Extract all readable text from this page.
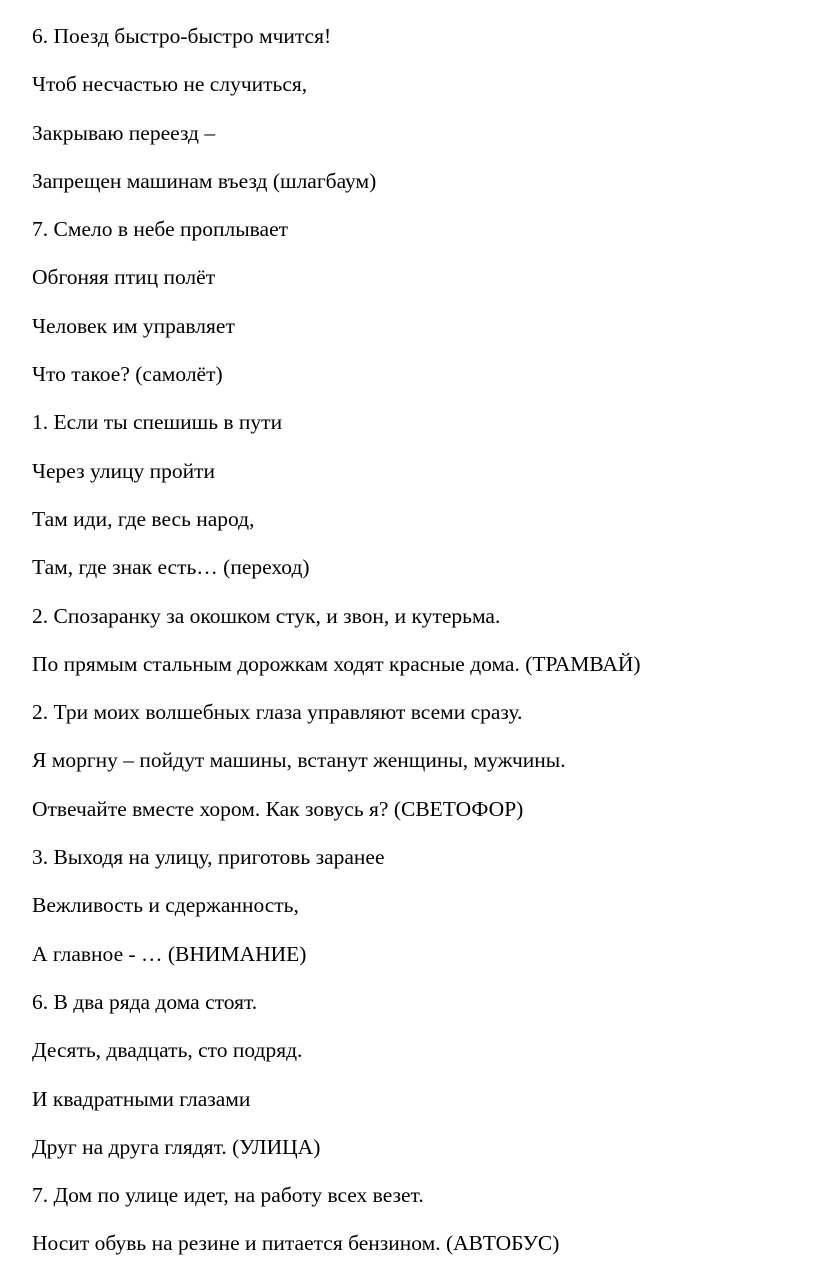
6. Поезд быстро-быстро мчится!
Чтоб несчастью не случиться,
Закрываю переезд –
Запрещен машинам въезд (шлагбаум)
7. Смело в небе проплывает
Обгоняя птиц полёт
Человек им управляет
Что такое? (самолёт)
1. Если ты спешишь в пути
Через улицу пройти
Там иди, где весь народ,
Там, где знак есть… (переход)
2. Спозаранку за окошком стук, и звон, и кутерьма.
По прямым стальным дорожкам ходят красные дома. (ТРАМВАЙ)
2. Три моих волшебных глаза управляют всеми сразу.
Я моргну – пойдут машины, встанут женщины, мужчины.
Отвечайте вместе хором. Как зовусь я? (СВЕТОФОР)
3. Выходя на улицу, приготовь заранее
Вежливость и сдержанность,
А главное - … (ВНИМАНИЕ)
6. В два ряда дома стоят.
Десять, двадцать, сто подряд.
И квадратными глазами
Друг на друга глядят. (УЛИЦА)
7. Дом по улице идет, на работу всех везет.
Носит обувь на резине и питается бензином. (АВТОБУС)
